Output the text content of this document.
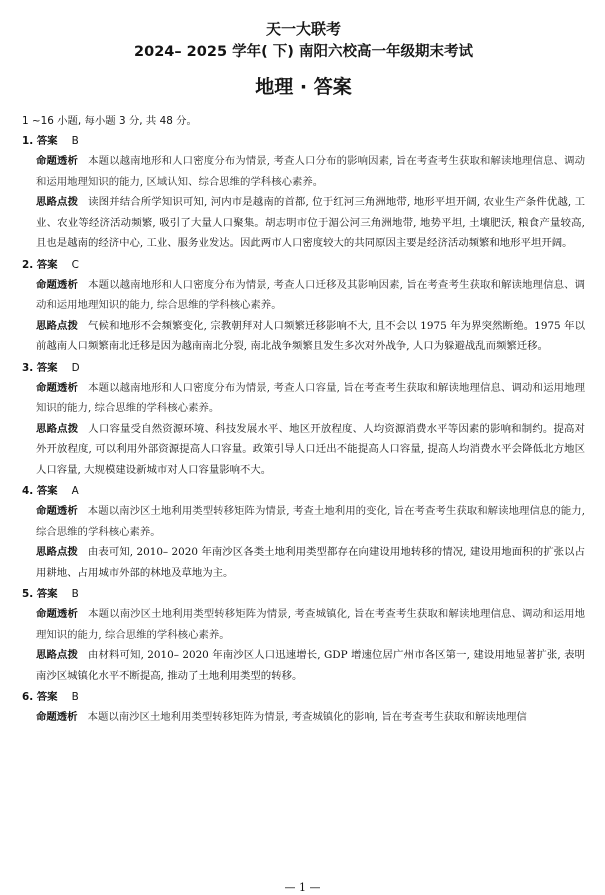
天一大联考
2024– 2025 学年( 下) 南阳六校高一年级期末考试
地理 · 答案

1 ~16 小题, 每小题 3 分, 共 48 分。

1. 答案 B

命题透析 本题以越南地形和人口密度分布为情景, 考查人口分布的影响因素, 旨在考查考生获取和解读地理信息、调动和运用地理知识的能力, 区域认知、综合思维的学科核心素养。

思路点拨 读图并结合所学知识可知, 河内市是越南的首都, 位于红河三角洲地带, 地形平坦开阔, 农业生产条件优越, 工业、农业等经济活动频繁, 吸引了大量人口聚集。胡志明市位于湄公河三角洲地带, 地势平坦, 土壤肥沃, 粮食产量较高, 且也是越南的经济中心, 工业、服务业发达。因此两市人口密度较大的共同原因主要是经济活动频繁和地形平坦开阔。

2. 答案 C

命题透析 本题以越南地形和人口密度分布为情景, 考查人口迁移及其影响因素, 旨在考查考生获取和解读地理信息、调动和运用地理知识的能力, 综合思维的学科核心素养。

思路点拨 气候和地形不会频繁变化, 宗教朝拜对人口频繁迁移影响不大, 且不会以 1975 年为界突然断绝。1975 年以前越南人口频繁南北迁移是因为越南南北分裂, 南北战争频繁且发生多次对外战争, 人口为躲避战乱而频繁迁移。

3. 答案 D

命题透析 本题以越南地形和人口密度分布为情景, 考查人口容量, 旨在考查考生获取和解读地理信息、调动和运用地理知识的能力, 综合思维的学科核心素养。

思路点拨 人口容量受自然资源环境、科技发展水平、地区开放程度、人均资源消费水平等因素的影响和制约。提高对外开放程度, 可以利用外部资源提高人口容量。政策引导人口迁出不能提高人口容量, 提高人均消费水平会降低北方地区人口容量, 大规模建设新城市对人口容量影响不大。

4. 答案 A

命题透析 本题以南沙区土地利用类型转移矩阵为情景, 考查土地利用的变化, 旨在考查考生获取和解读地理信息的能力, 综合思维的学科核心素养。

思路点拨 由表可知, 2010– 2020 年南沙区各类土地利用类型都存在向建设用地转移的情况, 建设用地面积的扩张以占用耕地、占用城市外部的林地及草地为主。

5. 答案 B

命题透析 本题以南沙区土地利用类型转移矩阵为情景, 考查城镇化, 旨在考查考生获取和解读地理信息、调动和运用地理知识的能力, 综合思维的学科核心素养。

思路点拨 由材料可知, 2010– 2020 年南沙区人口迅速增长, GDP 增速位居广州市各区第一, 建设用地显著扩张, 表明南沙区城镇化水平不断提高, 推动了土地利用类型的转移。

6. 答案 B

命题透析 本题以南沙区土地利用类型转移矩阵为情景, 考查城镇化的影响, 旨在考查考生获取和解读地理信

— 1 —
